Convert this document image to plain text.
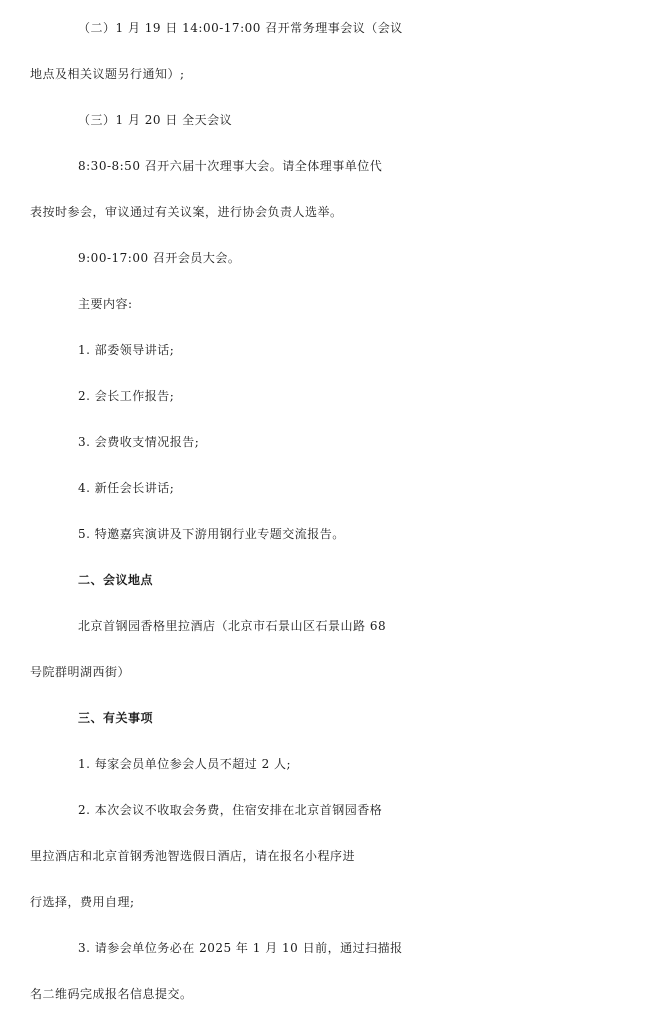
（二）1 月 19 日 14:00-17:00 召开常务理事会议（会议
地点及相关议题另行通知）;
（三）1 月 20 日 全天会议
8:30-8:50 召开六届十次理事大会。请全体理事单位代
表按时参会，审议通过有关议案，进行协会负责人选举。
9:00-17:00 召开会员大会。
主要内容:
1. 部委领导讲话;
2. 会长工作报告;
3. 会费收支情况报告;
4. 新任会长讲话;
5. 特邀嘉宾演讲及下游用钢行业专题交流报告。
二、会议地点
北京首钢园香格里拉酒店（北京市石景山区石景山路 68
号院群明湖西街）
三、有关事项
1. 每家会员单位参会人员不超过 2 人;
2. 本次会议不收取会务费，住宿安排在北京首钢园香格
里拉酒店和北京首钢秀池智选假日酒店，请在报名小程序进
行选择，费用自理;
3. 请参会单位务必在 2025 年 1 月 10 日前，通过扫描报
名二维码完成报名信息提交。
